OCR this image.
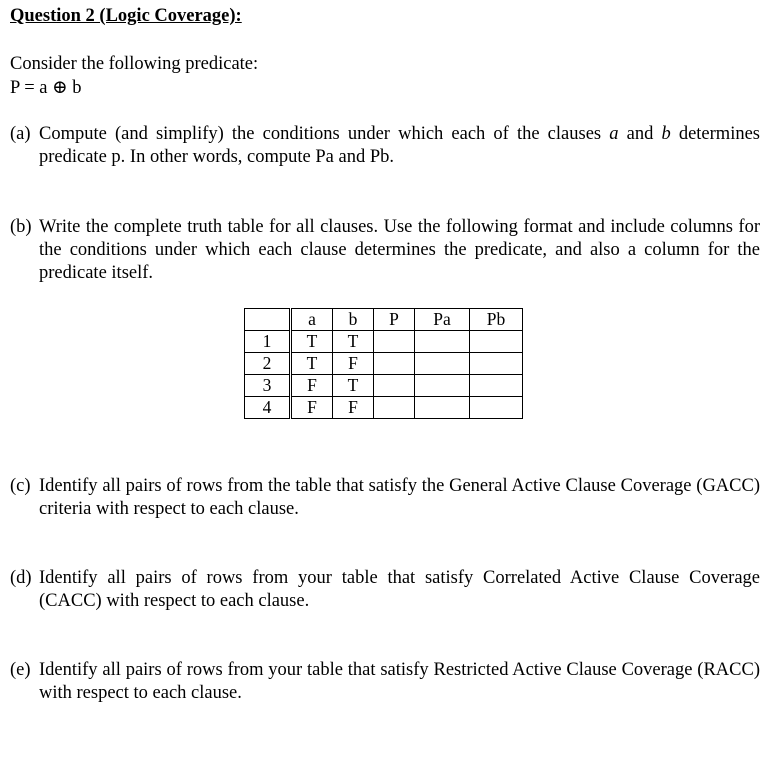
Question 2 (Logic Coverage):
Consider the following predicate:
P = a ⊕ b
(a) Compute (and simplify) the conditions under which each of the clauses a and b determines predicate p. In other words, compute Pa and Pb.
(b) Write the complete truth table for all clauses. Use the following format and include columns for the conditions under which each clause determines the predicate, and also a column for the predicate itself.
	a	b	P	Pa	Pb
1	T	T			
2	T	F			
3	F	T			
4	F	F			
(c) Identify all pairs of rows from the table that satisfy the General Active Clause Coverage (GACC) criteria with respect to each clause.
(d) Identify all pairs of rows from your table that satisfy Correlated Active Clause Coverage (CACC) with respect to each clause.
(e) Identify all pairs of rows from your table that satisfy Restricted Active Clause Coverage (RACC) with respect to each clause.
